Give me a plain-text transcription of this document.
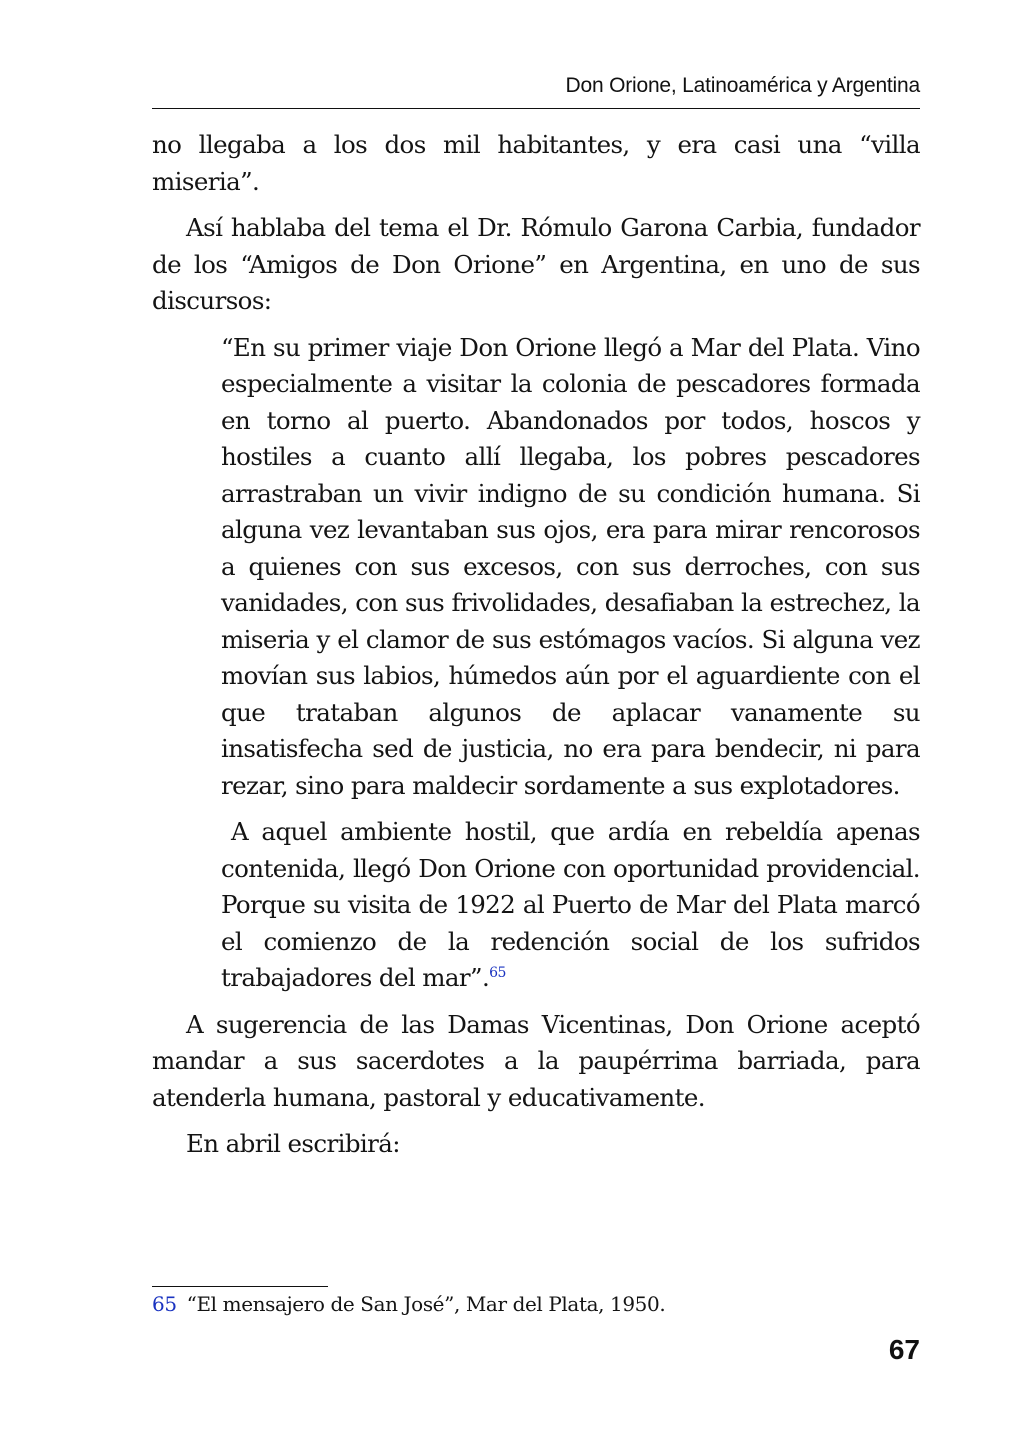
Don Orione, Latinoamérica y Argentina

no llegaba a los dos mil habitantes, y era casi una “villa miseria”.

Así hablaba del tema el Dr. Rómulo Garona Carbia, fundador de los “Amigos de Don Orione” en Argentina, en uno de sus discursos:

“En su primer viaje Don Orione llegó a Mar del Plata. Vino especialmente a visitar la colonia de pescadores formada en torno al puerto. Abandonados por todos, hoscos y hostiles a cuanto allí llegaba, los pobres pescadores arrastraban un vivir indigno de su condición humana. Si alguna vez levantaban sus ojos, era para mirar rencorosos a quienes con sus excesos, con sus derroches, con sus vanidades, con sus frivolidades, desafiaban la estrechez, la miseria y el clamor de sus estómagos vacíos. Si alguna vez movían sus labios, húmedos aún por el aguardiente con el que trataban algunos de aplacar vanamente su insatisfecha sed de justicia, no era para bendecir, ni para rezar, sino para maldecir sordamente a sus explotadores.

A aquel ambiente hostil, que ardía en rebeldía apenas contenida, llegó Don Orione con oportunidad providencial. Porque su visita de 1922 al Puerto de Mar del Plata marcó el comienzo de la redención social de los sufridos trabajadores del mar”.$^{65}$

A sugerencia de las Damas Vicentinas, Don Orione aceptó mandar a sus sacerdotes a la paupérrima barriada, para atenderla humana, pastoral y educativamente.

En abril escribirá:

65 “El mensajero de San José”, Mar del Plata, 1950.
67
